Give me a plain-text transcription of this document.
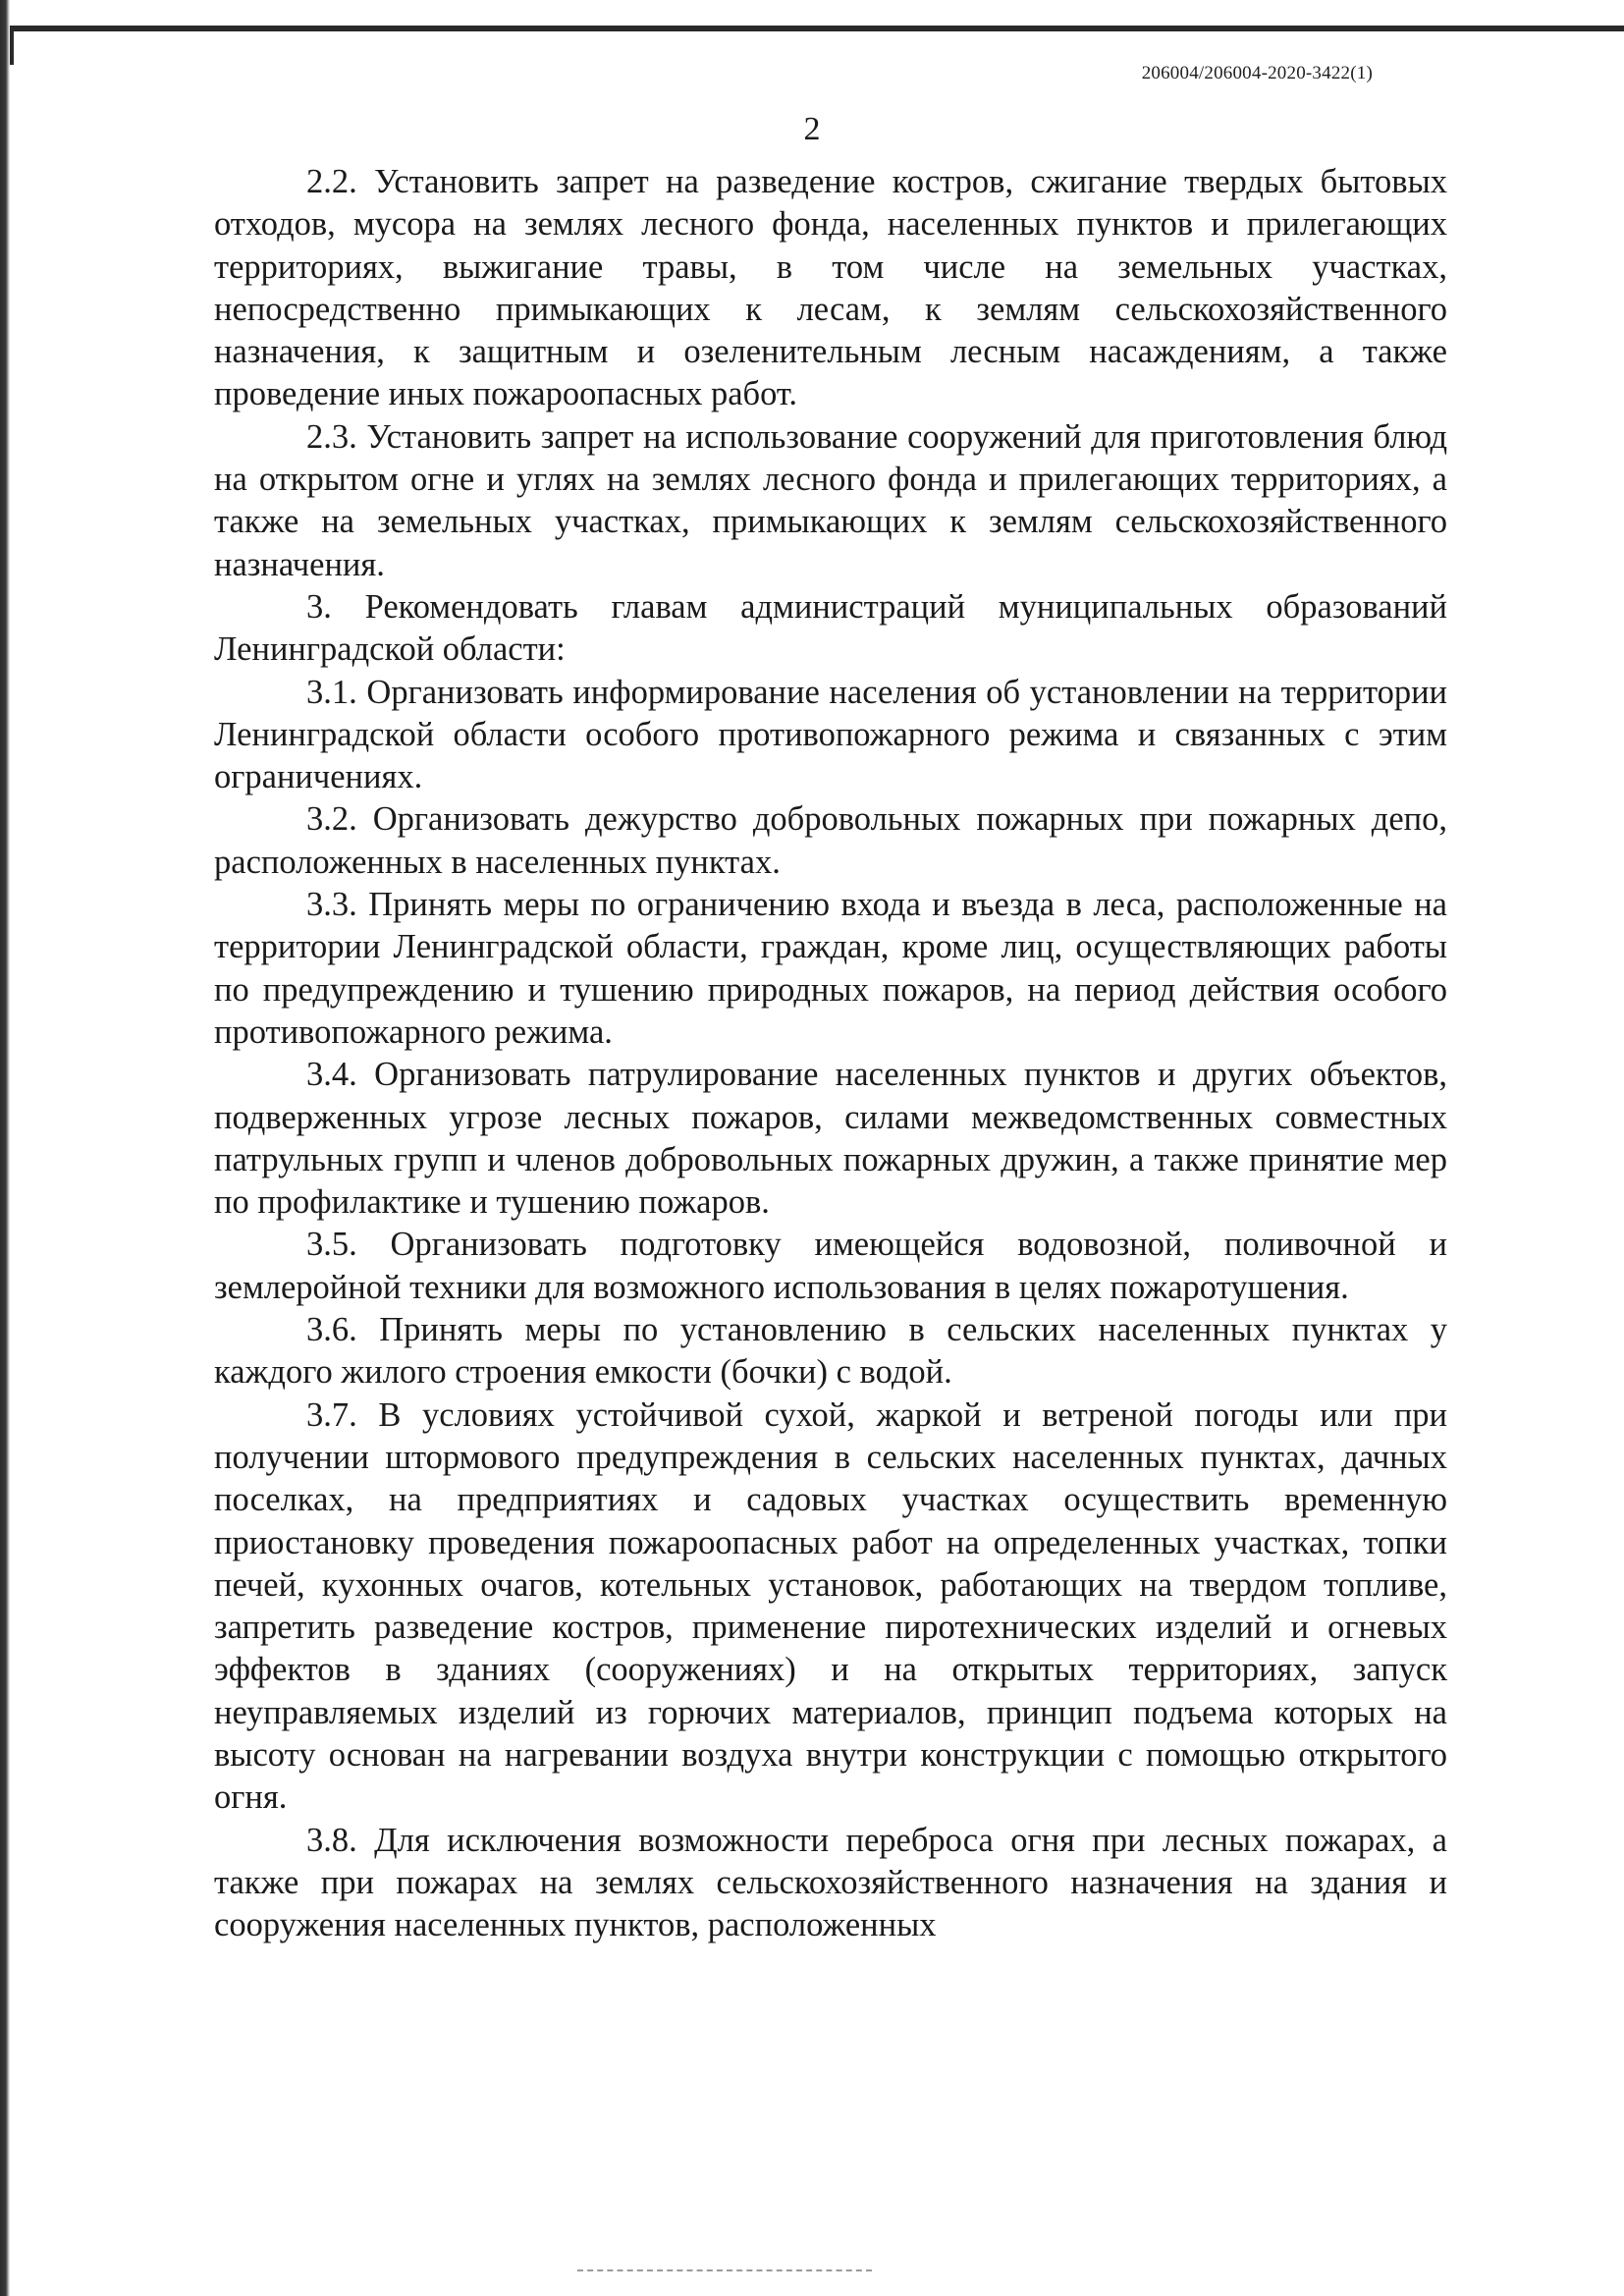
206004/206004-2020-3422(1)
2

2.2. Установить запрет на разведение костров, сжигание твердых бытовых отходов, мусора на землях лесного фонда, населенных пунктов и прилегающих территориях, выжигание травы, в том числе на земельных участках, непосредственно примыкающих к лесам, к землям сельскохозяйственного назначения, к защитным и озеленительным лесным насаждениям, а также проведение иных пожароопасных работ.

2.3. Установить запрет на использование сооружений для приготовления блюд на открытом огне и углях на землях лесного фонда и прилегающих территориях, а также на земельных участках, примыкающих к землям сельскохозяйственного назначения.

3. Рекомендовать главам администраций муниципальных образований Ленинградской области:

3.1. Организовать информирование населения об установлении на территории Ленинградской области особого противопожарного режима и связанных с этим ограничениях.

3.2. Организовать дежурство добровольных пожарных при пожарных депо, расположенных в населенных пунктах.

3.3. Принять меры по ограничению входа и въезда в леса, расположенные на территории Ленинградской области, граждан, кроме лиц, осуществляющих работы по предупреждению и тушению природных пожаров, на период действия особого противопожарного режима.

3.4. Организовать патрулирование населенных пунктов и других объектов, подверженных угрозе лесных пожаров, силами межведомственных совместных патрульных групп и членов добровольных пожарных дружин, а также принятие мер по профилактике и тушению пожаров.

3.5. Организовать подготовку имеющейся водовозной, поливочной и землеройной техники для возможного использования в целях пожаротушения.

3.6. Принять меры по установлению в сельских населенных пунктах у каждого жилого строения емкости (бочки) с водой.

3.7. В условиях устойчивой сухой, жаркой и ветреной погоды или при получении штормового предупреждения в сельских населенных пунктах, дачных поселках, на предприятиях и садовых участках осуществить временную приостановку проведения пожароопасных работ на определенных участках, топки печей, кухонных очагов, котельных установок, работающих на твердом топливе, запретить разведение костров, применение пиротехнических изделий и огневых эффектов в зданиях (сооружениях) и на открытых территориях, запуск неуправляемых изделий из горючих материалов, принцип подъема которых на высоту основан на нагревании воздуха внутри конструкции с помощью открытого огня.

3.8. Для исключения возможности переброса огня при лесных пожарах, а также при пожарах на землях сельскохозяйственного назначения на здания и сооружения населенных пунктов, расположенных
